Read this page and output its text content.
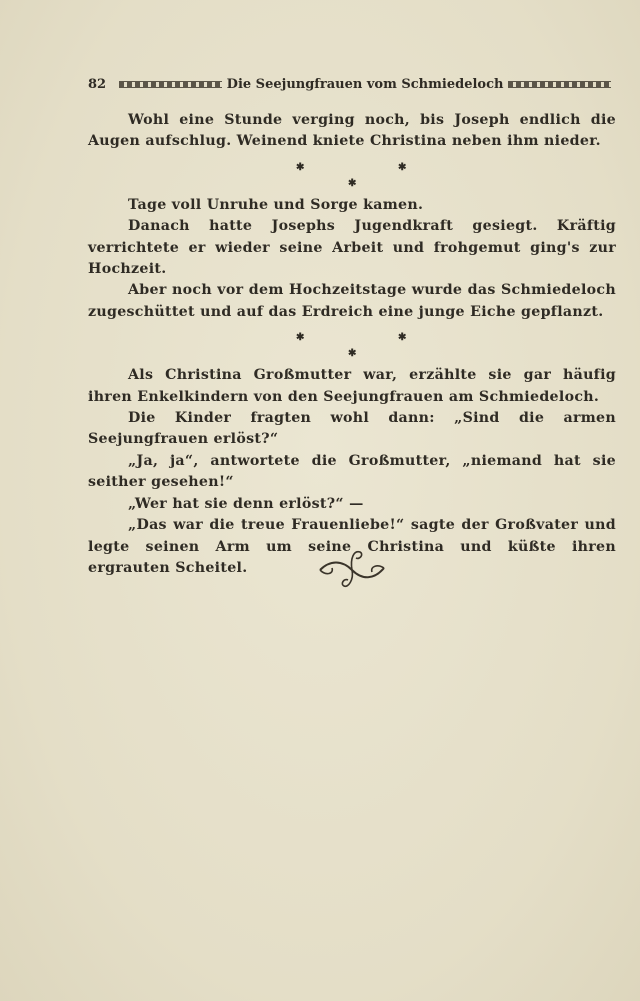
82	Die Seejungfrauen vom Schmiedeloch

Wohl eine Stunde verging noch, bis Joseph endlich die Augen aufschlug. Weinend kniete Christina neben ihm nieder.

✱	✱
✱

Tage voll Unruhe und Sorge kamen.

Danach hatte Josephs Jugendkraft gesiegt. Kräftig verrichtete er wieder seine Arbeit und frohgemut ging's zur Hochzeit.

Aber noch vor dem Hochzeitstage wurde das Schmiedeloch zugeschüttet und auf das Erdreich eine junge Eiche gepflanzt.

✱	✱
✱

Als Christina Großmutter war, erzählte sie gar häufig ihren Enkelkindern von den Seejungfrauen am Schmiedeloch.

Die Kinder fragten wohl dann: „Sind die armen Seejungfrauen erlöst?“

„Ja, ja“, antwortete die Großmutter, „niemand hat sie seither gesehen!“

„Wer hat sie denn erlöst?“ —

„Das war die treue Frauenliebe!“ sagte der Großvater und legte seinen Arm um seine Christina und küßte ihren ergrauten Scheitel.
